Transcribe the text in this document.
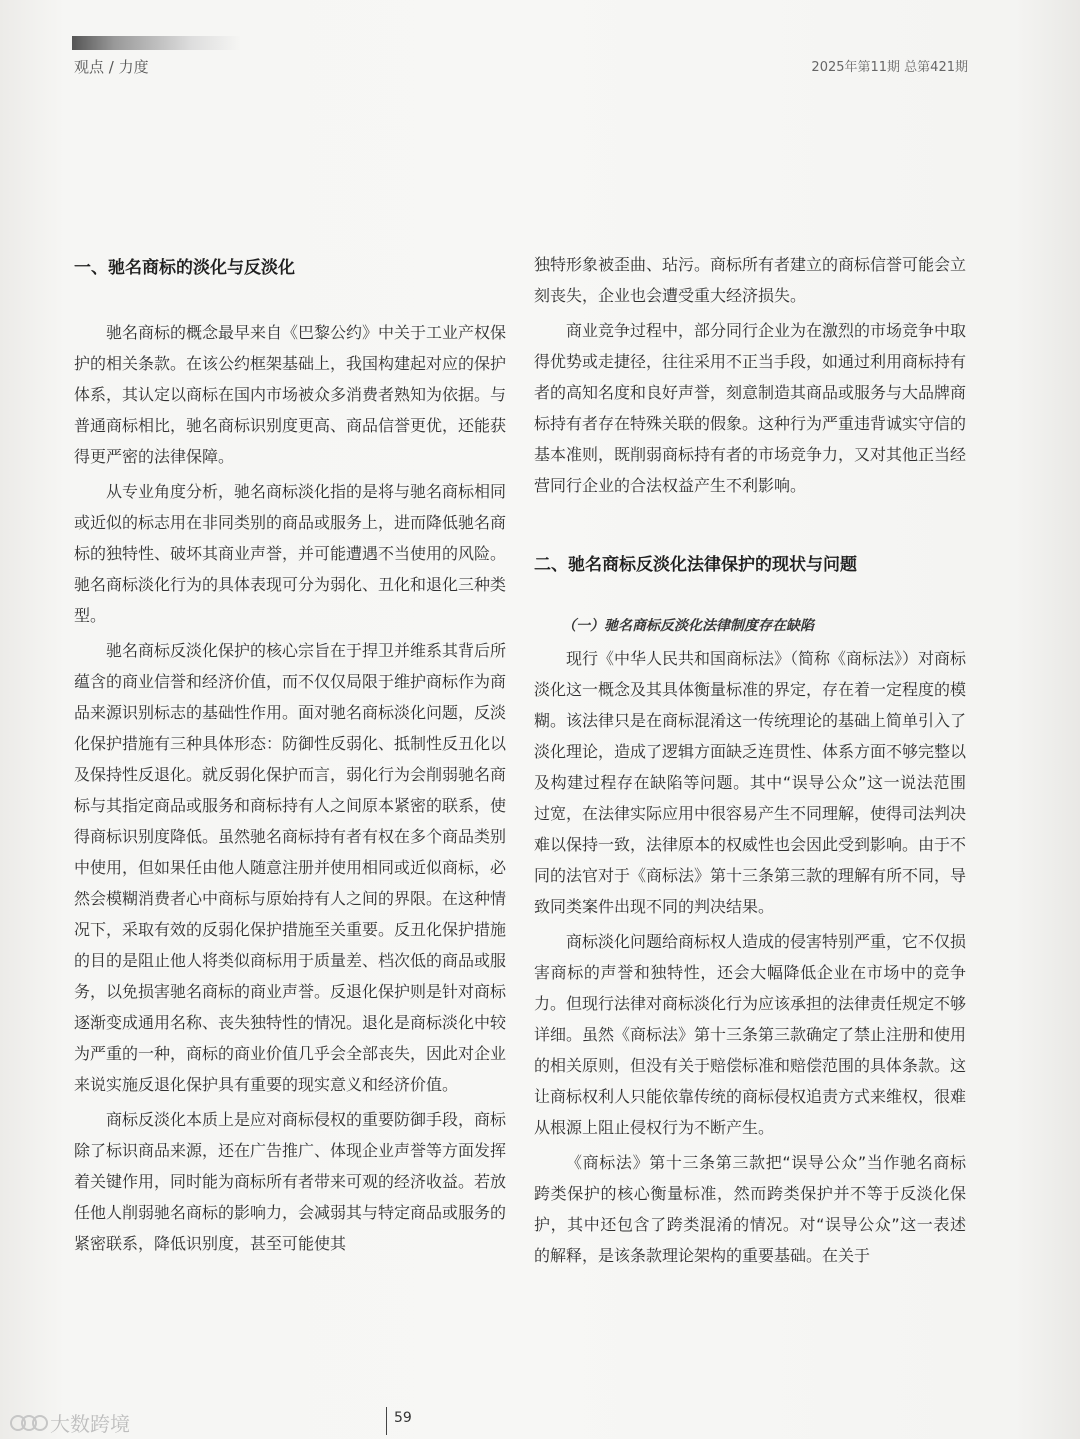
观点 / 力度	2025年第11期 总第421期
一、驰名商标的淡化与反淡化

驰名商标的概念最早来自《巴黎公约》中关于工业产权保护的相关条款。在该公约框架基础上，我国构建起对应的保护体系，其认定以商标在国内市场被众多消费者熟知为依据。与普通商标相比，驰名商标识别度更高、商品信誉更优，还能获得更严密的法律保障。

从专业角度分析，驰名商标淡化指的是将与驰名商标相同或近似的标志用在非同类别的商品或服务上，进而降低驰名商标的独特性、破坏其商业声誉，并可能遭遇不当使用的风险。驰名商标淡化行为的具体表现可分为弱化、丑化和退化三种类型。

驰名商标反淡化保护的核心宗旨在于捍卫并维系其背后所蕴含的商业信誉和经济价值，而不仅仅局限于维护商标作为商品来源识别标志的基础性作用。面对驰名商标淡化问题，反淡化保护措施有三种具体形态：防御性反弱化、抵制性反丑化以及保持性反退化。就反弱化保护而言，弱化行为会削弱驰名商标与其指定商品或服务和商标持有人之间原本紧密的联系，使得商标识别度降低。虽然驰名商标持有者有权在多个商品类别中使用，但如果任由他人随意注册并使用相同或近似商标，必然会模糊消费者心中商标与原始持有人之间的界限。在这种情况下，采取有效的反弱化保护措施至关重要。反丑化保护措施的目的是阻止他人将类似商标用于质量差、档次低的商品或服务，以免损害驰名商标的商业声誉。反退化保护则是针对商标逐渐变成通用名称、丧失独特性的情况。退化是商标淡化中较为严重的一种，商标的商业价值几乎会全部丧失，因此对企业来说实施反退化保护具有重要的现实意义和经济价值。

商标反淡化本质上是应对商标侵权的重要防御手段，商标除了标识商品来源，还在广告推广、体现企业声誉等方面发挥着关键作用，同时能为商标所有者带来可观的经济收益。若放任他人削弱驰名商标的影响力，会减弱其与特定商品或服务的紧密联系，降低识别度，甚至可能使其

独特形象被歪曲、玷污。商标所有者建立的商标信誉可能会立刻丧失，企业也会遭受重大经济损失。

商业竞争过程中，部分同行企业为在激烈的市场竞争中取得优势或走捷径，往往采用不正当手段，如通过利用商标持有者的高知名度和良好声誉，刻意制造其商品或服务与大品牌商标持有者存在特殊关联的假象。这种行为严重违背诚实守信的基本准则，既削弱商标持有者的市场竞争力，又对其他正当经营同行企业的合法权益产生不利影响。

二、驰名商标反淡化法律保护的现状与问题
（一）驰名商标反淡化法律制度存在缺陷

现行《中华人民共和国商标法》（简称《商标法》）对商标淡化这一概念及其具体衡量标准的界定，存在着一定程度的模糊。该法律只是在商标混淆这一传统理论的基础上简单引入了淡化理论，造成了逻辑方面缺乏连贯性、体系方面不够完整以及构建过程存在缺陷等问题。其中“误导公众”这一说法范围过宽，在法律实际应用中很容易产生不同理解，使得司法判决难以保持一致，法律原本的权威性也会因此受到影响。由于不同的法官对于《商标法》第十三条第三款的理解有所不同，导致同类案件出现不同的判决结果。

商标淡化问题给商标权人造成的侵害特别严重，它不仅损害商标的声誉和独特性，还会大幅降低企业在市场中的竞争力。但现行法律对商标淡化行为应该承担的法律责任规定不够详细。虽然《商标法》第十三条第三款确定了禁止注册和使用的相关原则，但没有关于赔偿标准和赔偿范围的具体条款。这让商标权利人只能依靠传统的商标侵权追责方式来维权，很难从根源上阻止侵权行为不断产生。

《商标法》第十三条第三款把“误导公众”当作驰名商标跨类保护的核心衡量标准，然而跨类保护并不等于反淡化保护，其中还包含了跨类混淆的情况。对“误导公众”这一表述的解释，是该条款理论架构的重要基础。在关于

59
大数跨境
